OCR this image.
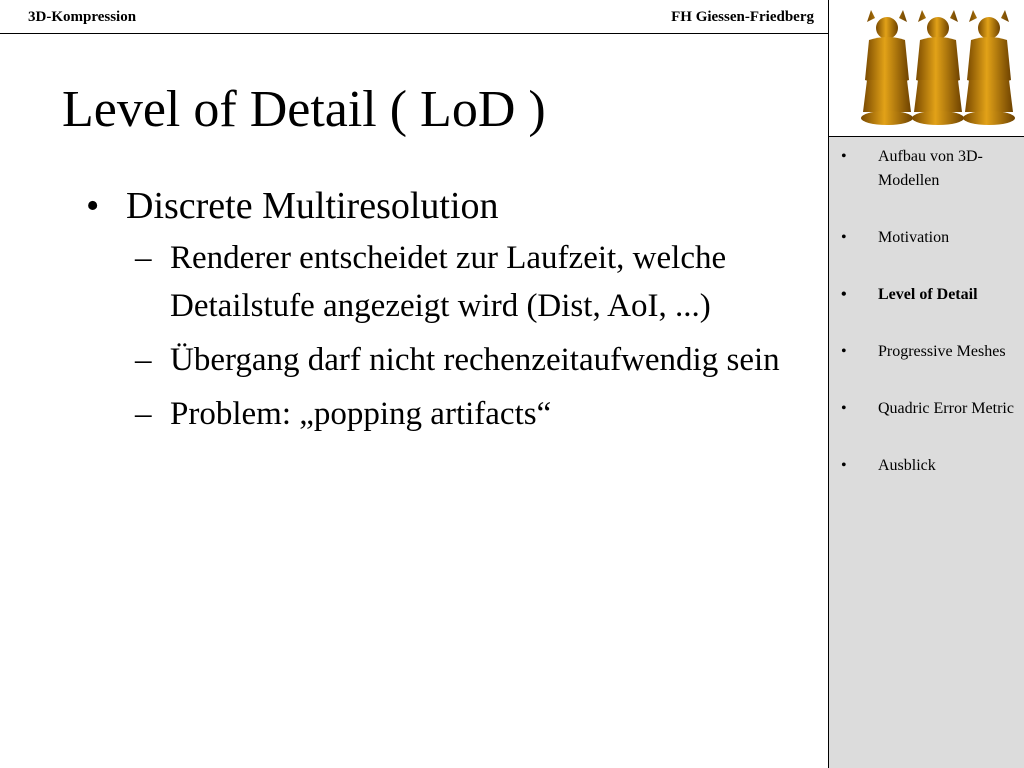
3D-Kompression	FH Giessen-Friedberg
• Aufbau von 3D-Modellen
• Motivation
• Level of Detail
• Progressive Meshes
• Quadric Error Metric
• Ausblick
Level of Detail ( LoD )
• Discrete Multiresolution
– Renderer entscheidet zur Laufzeit, welche Detailstufe angezeigt wird (Dist, AoI, ...)
– Übergang darf nicht rechenzeitaufwendig sein
– Problem: „popping artifacts“
